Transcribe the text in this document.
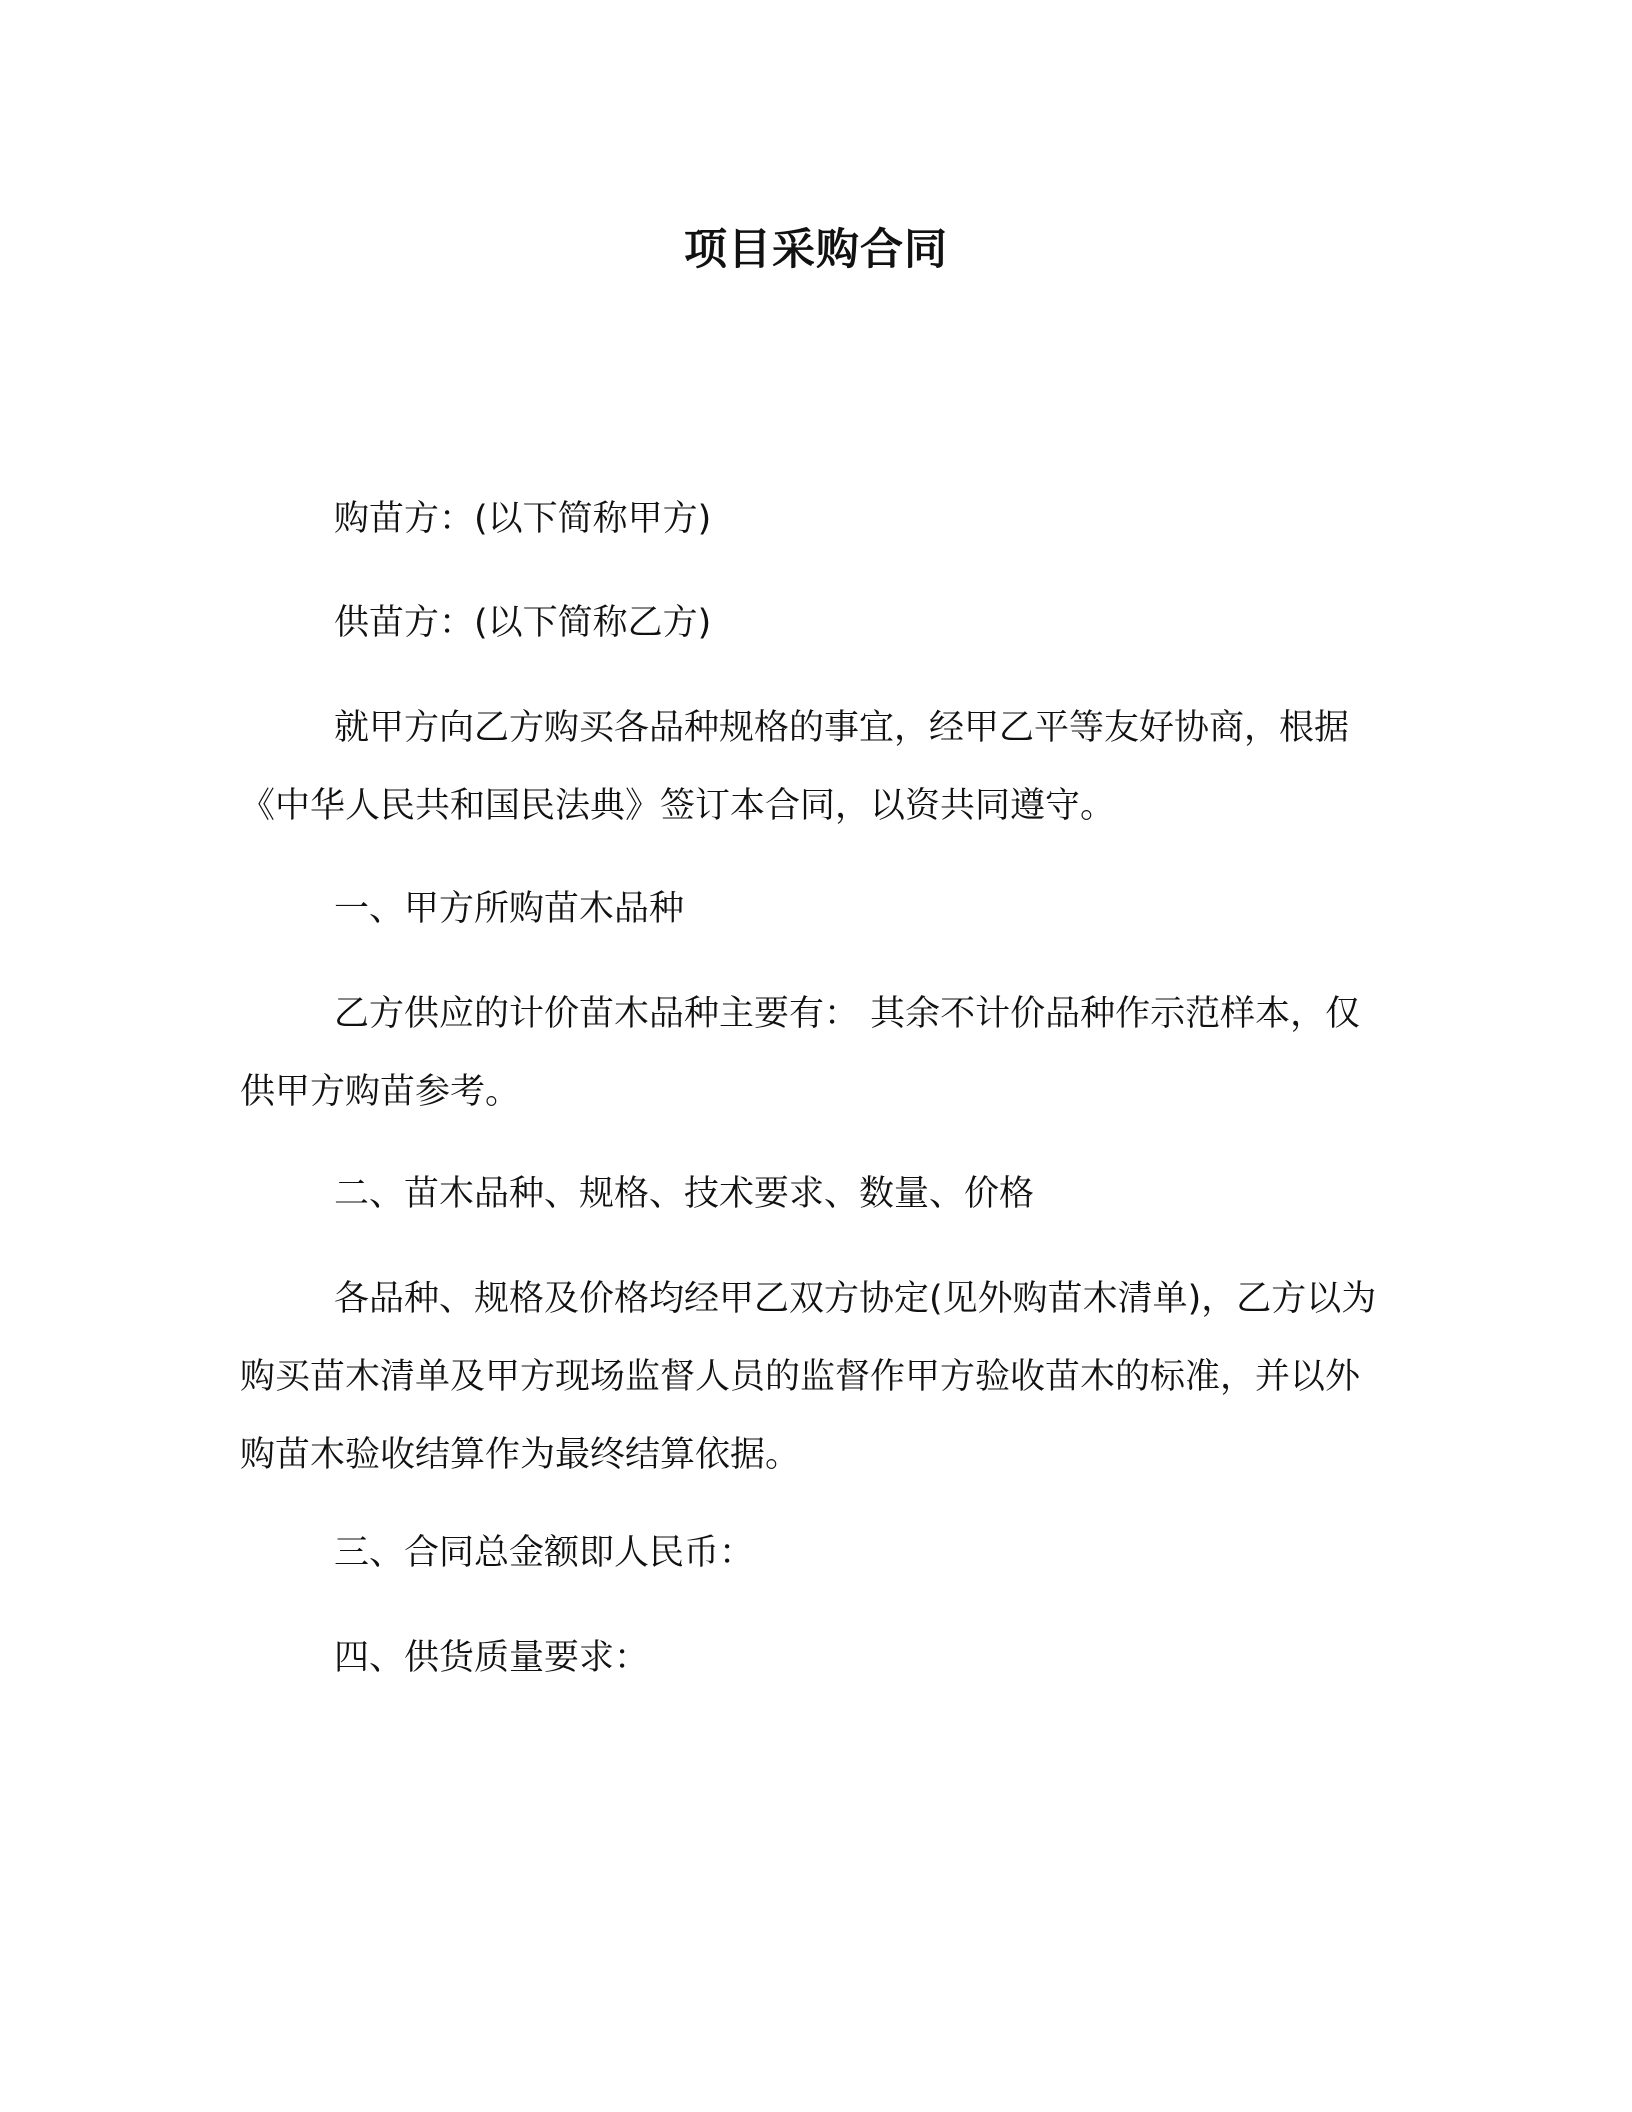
项目采购合同
购苗方：(以下简称甲方)
供苗方：(以下简称乙方)
就甲方向乙方购买各品种规格的事宜，经甲乙平等友好协商，根据《中华人民共和国民法典》签订本合同，以资共同遵守。
一、甲方所购苗木品种
乙方供应的计价苗木品种主要有： 其余不计价品种作示范样本，仅供甲方购苗参考。
二、苗木品种、规格、技术要求、数量、价格
各品种、规格及价格均经甲乙双方协定(见外购苗木清单)，乙方以为购买苗木清单及甲方现场监督人员的监督作甲方验收苗木的标准，并以外购苗木验收结算作为最终结算依据。
三、合同总金额即人民币：
四、供货质量要求：
